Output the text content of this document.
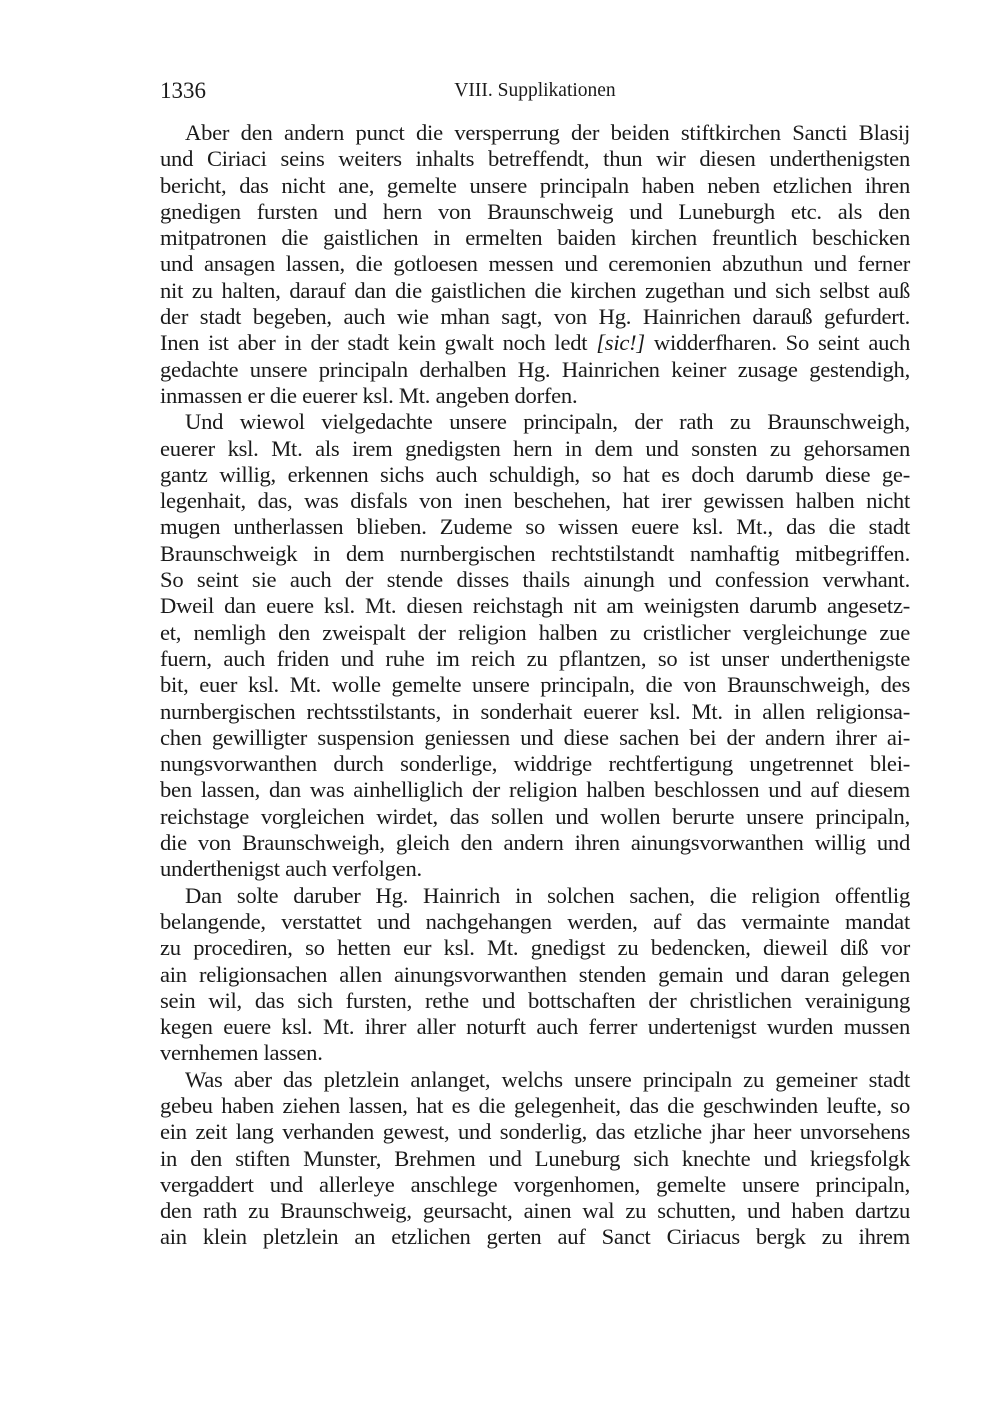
1336	VIII. Supplikationen
Aber den andern punct die versperrung der beiden stiftkirchen Sancti Blasij
und Ciriaci seins weiters inhalts betreffendt, thun wir diesen underthenigsten
bericht, das nicht ane, gemelte unsere principaln haben neben etzlichen ihren
gnedigen fursten und hern von Braunschweig und Luneburgh etc. als den
mitpatronen die gaistlichen in ermelten baiden kirchen freuntlich beschicken
und ansagen lassen, die gotloesen messen und ceremonien abzuthun und ferner
nit zu halten, darauf dan die gaistlichen die kirchen zugethan und sich selbst auß
der stadt begeben, auch wie mhan sagt, von Hg. Hainrichen darauß gefurdert.
Inen ist aber in der stadt kein gwalt noch ledt [sic!] widderfharen. So seint auch
gedachte unsere principaln derhalben Hg. Hainrichen keiner zusage gestendigh,
inmassen er die euerer ksl. Mt. angeben dorfen.
Und wiewol vielgedachte unsere principaln, der rath zu Braunschweigh,
euerer ksl. Mt. als irem gnedigsten hern in dem und sonsten zu gehorsamen
gantz willig, erkennen sichs auch schuldigh, so hat es doch darumb diese ge-
legenhait, das, was disfals von inen beschehen, hat irer gewissen halben nicht
mugen untherlassen blieben. Zudeme so wissen euere ksl. Mt., das die stadt
Braunschweigk in dem nurnbergischen rechtstilstandt namhaftig mitbegriffen.
So seint sie auch der stende disses thails ainungh und confession verwhant.
Dweil dan euere ksl. Mt. diesen reichstagh nit am weinigsten darumb angesetz-
et, nemligh den zweispalt der religion halben zu cristlicher vergleichunge zue
fuern, auch friden und ruhe im reich zu pflantzen, so ist unser underthenigste
bit, euer ksl. Mt. wolle gemelte unsere principaln, die von Braunschweigh, des
nurnbergischen rechtsstilstants, in sonderhait euerer ksl. Mt. in allen religionsa-
chen gewilligter suspension geniessen und diese sachen bei der andern ihrer ai-
nungsvorwanthen durch sonderlige, widdrige rechtfertigung ungetrennet blei-
ben lassen, dan was ainhelliglich der religion halben beschlossen und auf diesem
reichstage vorgleichen wirdet, das sollen und wollen berurte unsere principaln,
die von Braunschweigh, gleich den andern ihren ainungsvorwanthen willig und
underthenigst auch verfolgen.
Dan solte daruber Hg. Hainrich in solchen sachen, die religion offentlig
belangende, verstattet und nachgehangen werden, auf das vermainte mandat
zu procediren, so hetten eur ksl. Mt. gnedigst zu bedencken, dieweil diß vor
ain religionsachen allen ainungsvorwanthen stenden gemain und daran gelegen
sein wil, das sich fursten, rethe und bottschaften der christlichen verainigung
kegen euere ksl. Mt. ihrer aller noturft auch ferrer undertenigst wurden mussen
vernhemen lassen.
Was aber das pletzlein anlanget, welchs unsere principaln zu gemeiner stadt
gebeu haben ziehen lassen, hat es die gelegenheit, das die geschwinden leufte, so
ein zeit lang verhanden gewest, und sonderlig, das etzliche jhar heer unvorsehens
in den stiften Munster, Brehmen und Luneburg sich knechte und kriegsfolgk
vergaddert und allerleye anschlege vorgenhomen, gemelte unsere principaln,
den rath zu Braunschweig, geursacht, ainen wal zu schutten, und haben dartzu
ain klein pletzlein an etzlichen gerten auf Sanct Ciriacus bergk zu ihrem
